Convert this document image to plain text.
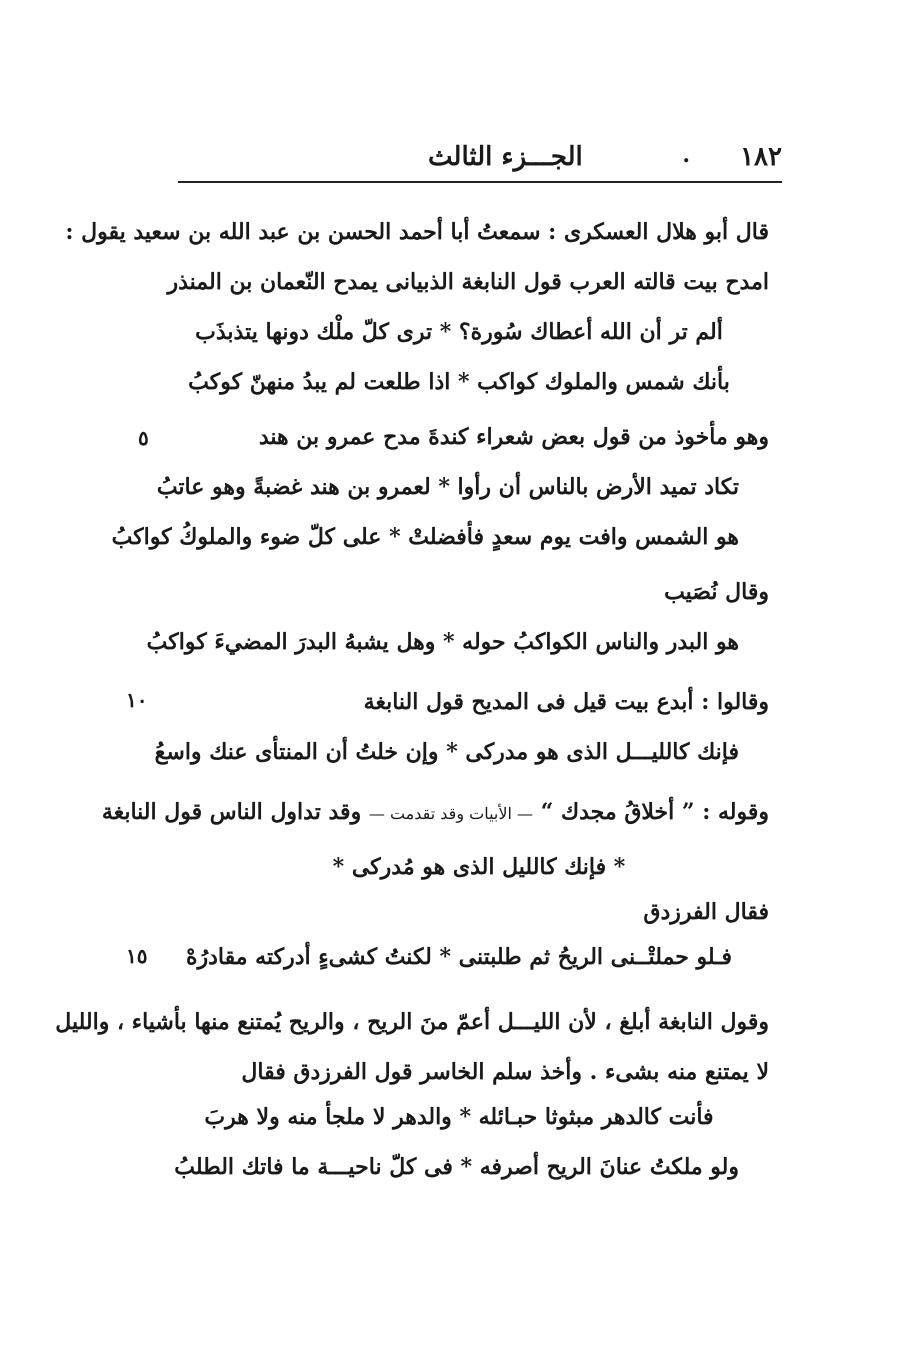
١٨٢
.
الجـــزء الثالث
قال أبو هلال العسكرى : سمعتُ أبا أحمد الحسن بن عبد الله بن سعيد يقول :
امدح بيت قالته العرب قول النابغة الذبيانى يمدح النّعمان بن المنذر
ألم تر أن الله أعطاك سُورة؟ * ترى كلّ ملْك دونها يتذبذَب
بأنك شمس والملوك كواكب * اذا طلعت لم يبدُ منهنّ كوكبُ
وهو مأخوذ من قول بعض شعراء كندةَ مدح عمرو بن هند
٥
تكاد تميد الأرض بالناس أن رأوا * لعمرو بن هند غضبةً وهو عاتبُ
هو الشمس وافت يوم سعدٍ فأفضلتْ * على كلّ ضوء والملوكُ كواكبُ
وقال نُصَيب
هو البدر والناس الكواكبُ حوله * وهل يشبهُ البدرَ المضيءَ كواكبُ
وقالوا : أبدع بيت قيل فى المديح قول النابغة
١٠
فإنك كالليـــل الذى هو مدركى * وإن خلتُ أن المنتأى عنك واسعُ
وقوله : ” أخلاقُ مجدك “ — الأبيات وقد تقدمت — وقد تداول الناس قول النابغة
* فإنك كالليل الذى هو مُدركى *
فقال الفرزدق
فـلو حملتْــنى الريحُ ثم طلبتنى * لكنتُ كشىءٍ أدركته مقادرُهْ
١٥
وقول النابغة أبلغ ، لأن الليـــل أعمّ منَ الريح ، والريح يُمتنع منها بأشياء ، والليل
لا يمتنع منه بشىء . وأخذ سلم الخاسر قول الفرزدق فقال
فأنت كالدهر مبثوثا حبـائله * والدهر لا ملجأ منه ولا هربَ
ولو ملكتُ عنانَ الريح أصرفه * فى كلّ ناحيـــة ما فاتك الطلبُ
